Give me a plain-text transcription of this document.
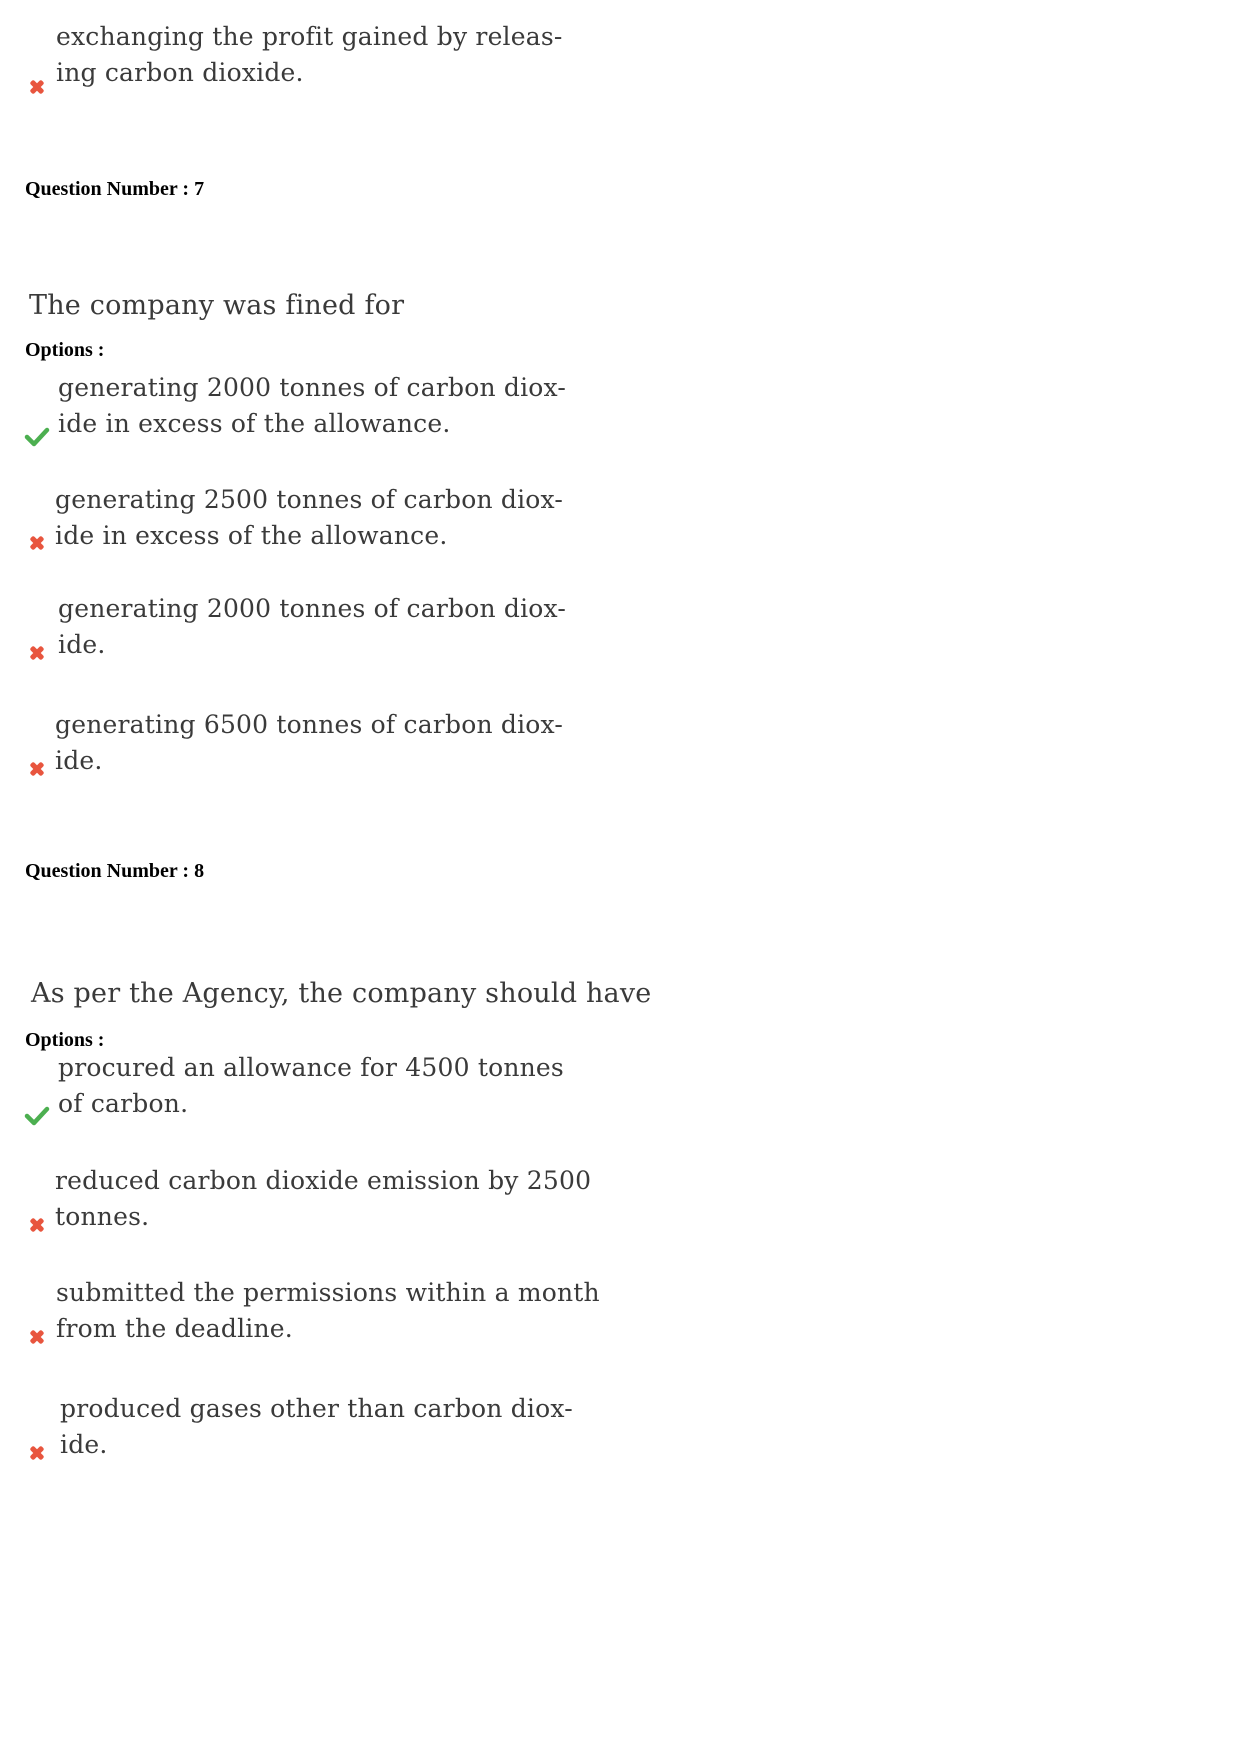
exchanging the profit gained by releas-
ing carbon dioxide.
Question Number : 7
The company was fined for
Options :
generating 2000 tonnes of carbon diox-
ide in excess of the allowance.
generating 2500 tonnes of carbon diox-
ide in excess of the allowance.
generating 2000 tonnes of carbon diox-
ide.
generating 6500 tonnes of carbon diox-
ide.
Question Number : 8
As per the Agency, the company should have
Options :
procured an allowance for 4500 tonnes
of carbon.
reduced carbon dioxide emission by 2500
tonnes.
submitted the permissions within a month
from the deadline.
produced gases other than carbon diox-
ide.
